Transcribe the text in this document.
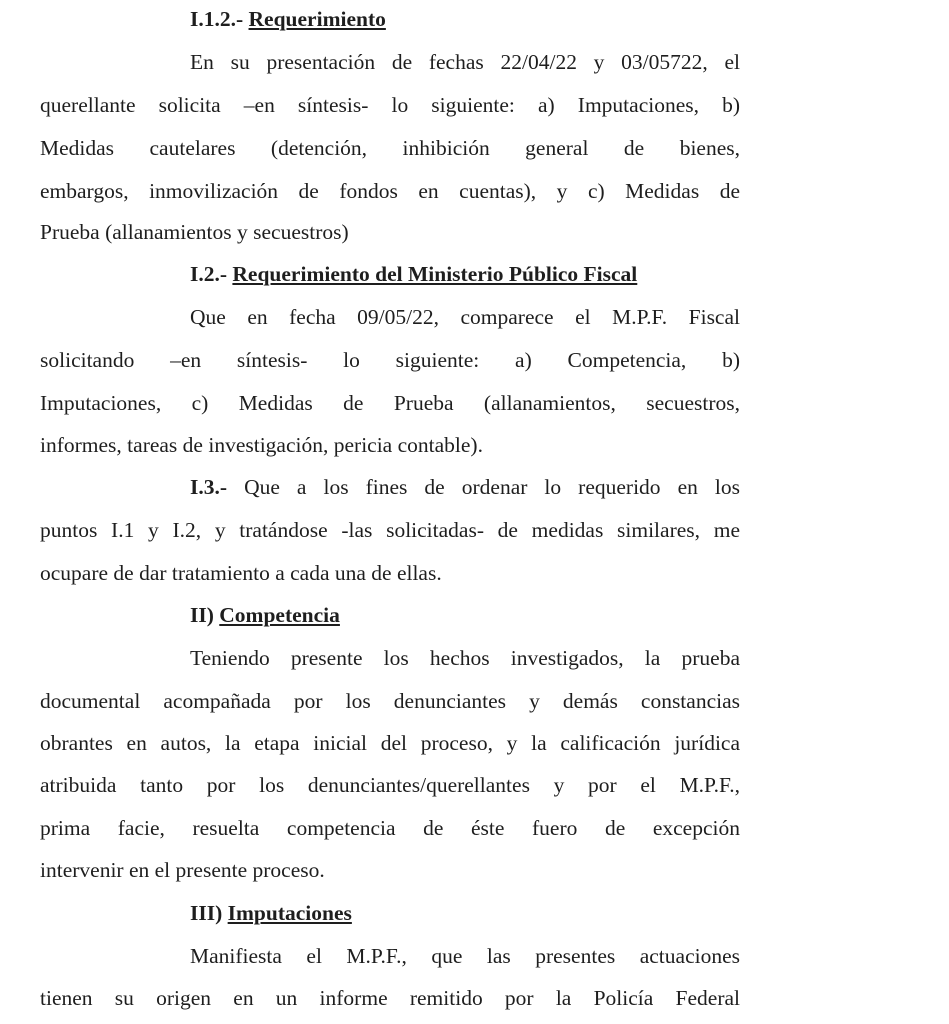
I.1.2.- Requerimiento
En su presentación de fechas 22/04/22 y 03/05722, el
querellante solicita –en síntesis- lo siguiente: a) Imputaciones, b)
Medidas cautelares (detención, inhibición general de bienes,
embargos, inmovilización de fondos en cuentas), y c) Medidas de
Prueba (allanamientos y secuestros)
I.2.- Requerimiento del Ministerio Público Fiscal
Que en fecha 09/05/22, comparece el M.P.F. Fiscal
solicitando –en síntesis- lo siguiente: a) Competencia, b)
Imputaciones, c) Medidas de Prueba (allanamientos, secuestros,
informes, tareas de investigación, pericia contable).
I.3.- Que a los fines de ordenar lo requerido en los
puntos I.1 y I.2, y tratándose -las solicitadas- de medidas similares, me
ocupare de dar tratamiento a cada una de ellas.
II) Competencia
Teniendo presente los hechos investigados, la prueba
documental acompañada por los denunciantes y demás constancias
obrantes en autos, la etapa inicial del proceso, y la calificación jurídica
atribuida tanto por los denunciantes/querellantes y por el M.P.F.,
prima facie, resuelta competencia de éste fuero de excepción
intervenir en el presente proceso.
III) Imputaciones
Manifiesta el M.P.F., que las presentes actuaciones
tienen su origen en un informe remitido por la Policía Federal
